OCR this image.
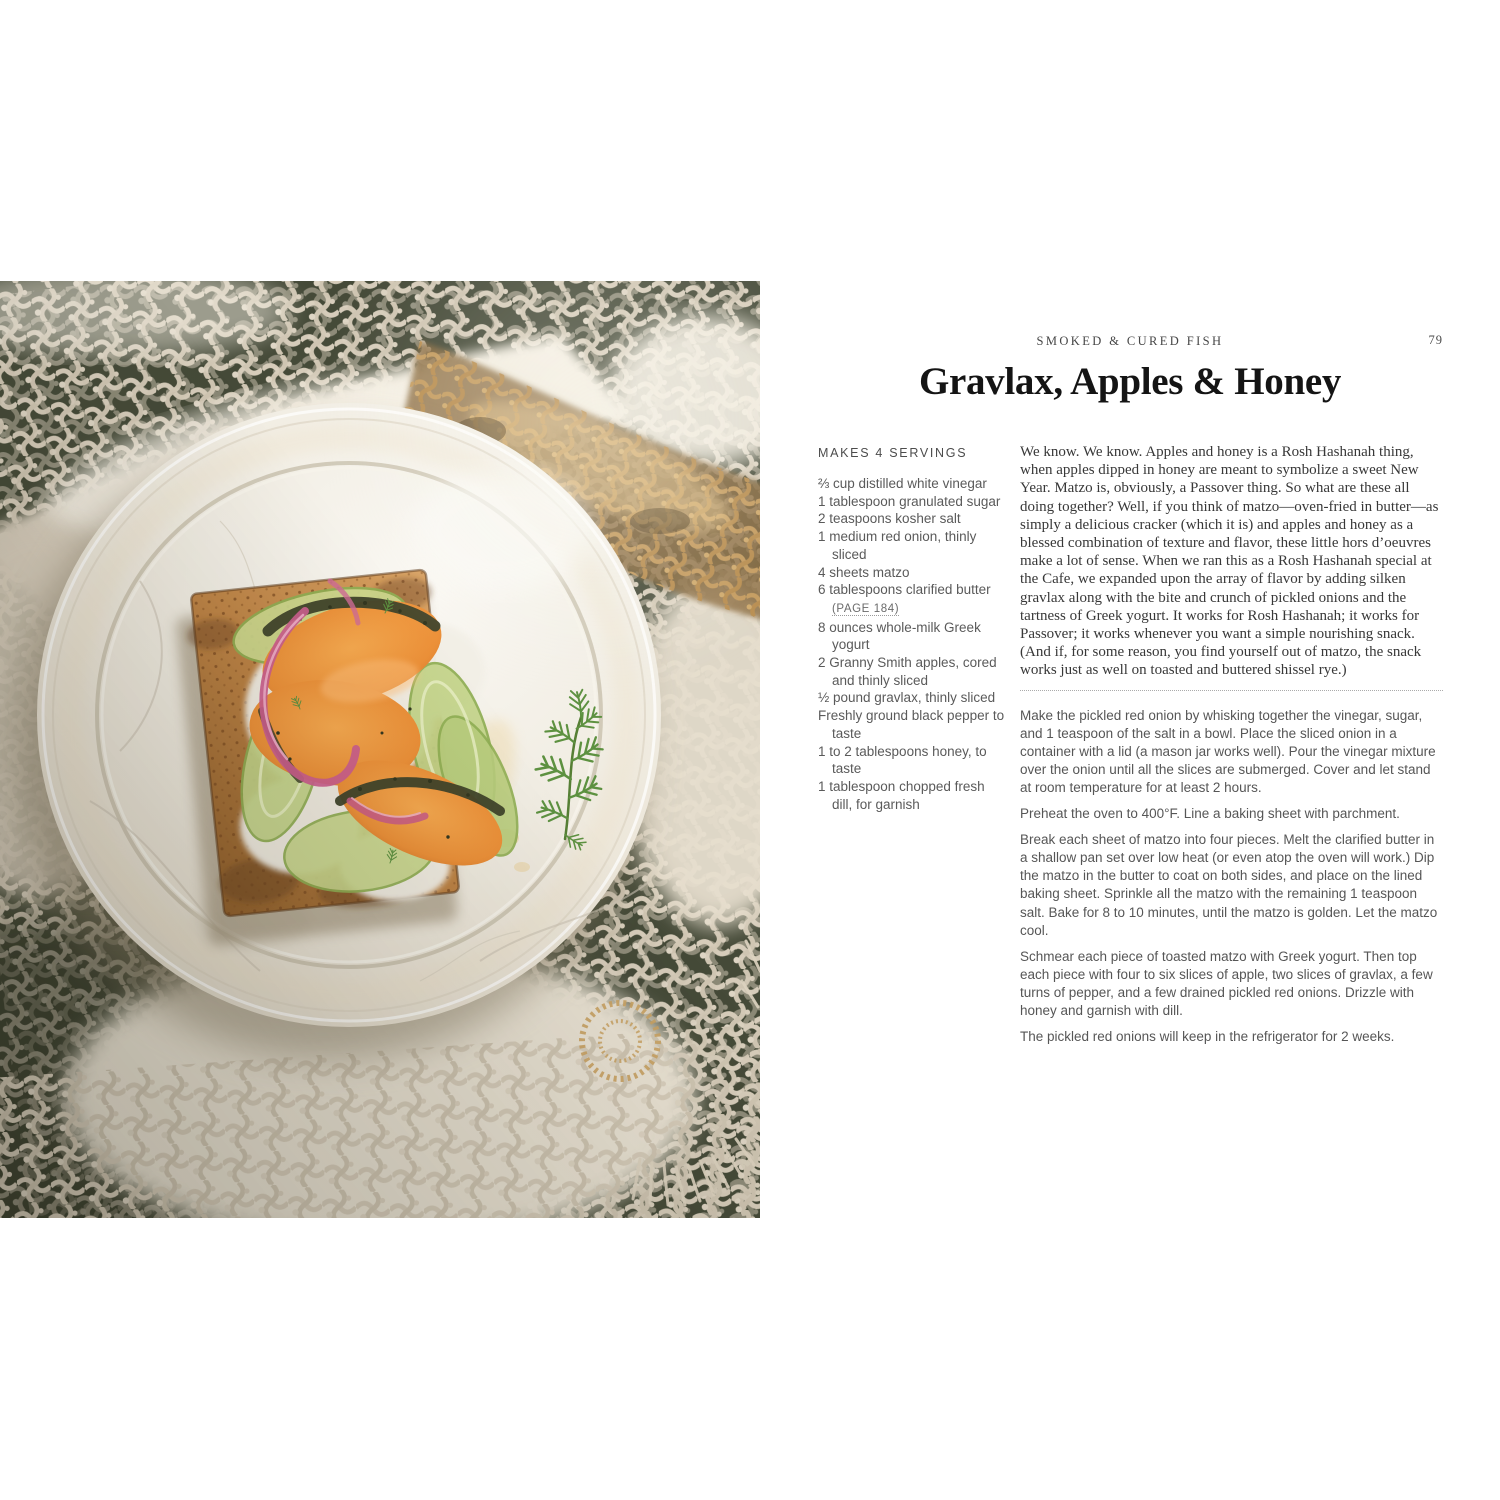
SMOKED & CURED FISH	79
Gravlax, Apples & Honey
MAKES 4 SERVINGS
⅔ cup distilled white vinegar
1 tablespoon granulated sugar
2 teaspoons kosher salt
1 medium red onion, thinly sliced
4 sheets matzo
6 tablespoons clarified butter (PAGE 184)
8 ounces whole-milk Greek yogurt
2 Granny Smith apples, cored and thinly sliced
½ pound gravlax, thinly sliced
Freshly ground black pepper to taste
1 to 2 tablespoons honey, to taste
1 tablespoon chopped fresh dill, for garnish

We know. We know. Apples and honey is a Rosh Hashanah thing, when apples dipped in honey are meant to symbolize a sweet New Year. Matzo is, obviously, a Passover thing. So what are these all doing together? Well, if you think of matzo—oven-fried in butter—as simply a delicious cracker (which it is) and apples and honey as a blessed combination of texture and flavor, these little hors d’oeuvres make a lot of sense. When we ran this as a Rosh Hashanah special at the Cafe, we expanded upon the array of flavor by adding silken gravlax along with the bite and crunch of pickled onions and the tartness of Greek yogurt. It works for Rosh Hashanah; it works for Passover; it works whenever you want a simple nourishing snack. (And if, for some reason, you find yourself out of matzo, the snack works just as well on toasted and buttered shissel rye.)

Make the pickled red onion by whisking together the vinegar, sugar, and 1 teaspoon of the salt in a bowl. Place the sliced onion in a container with a lid (a mason jar works well). Pour the vinegar mixture over the onion until all the slices are submerged. Cover and let stand at room temperature for at least 2 hours.

Preheat the oven to 400°F. Line a baking sheet with parchment.

Break each sheet of matzo into four pieces. Melt the clarified butter in a shallow pan set over low heat (or even atop the oven will work.) Dip the matzo in the butter to coat on both sides, and place on the lined baking sheet. Sprinkle all the matzo with the remaining 1 teaspoon salt. Bake for 8 to 10 minutes, until the matzo is golden. Let the matzo cool.

Schmear each piece of toasted matzo with Greek yogurt. Then top each piece with four to six slices of apple, two slices of gravlax, a few turns of pepper, and a few drained pickled red onions. Drizzle with honey and garnish with dill.

The pickled red onions will keep in the refrigerator for 2 weeks.
